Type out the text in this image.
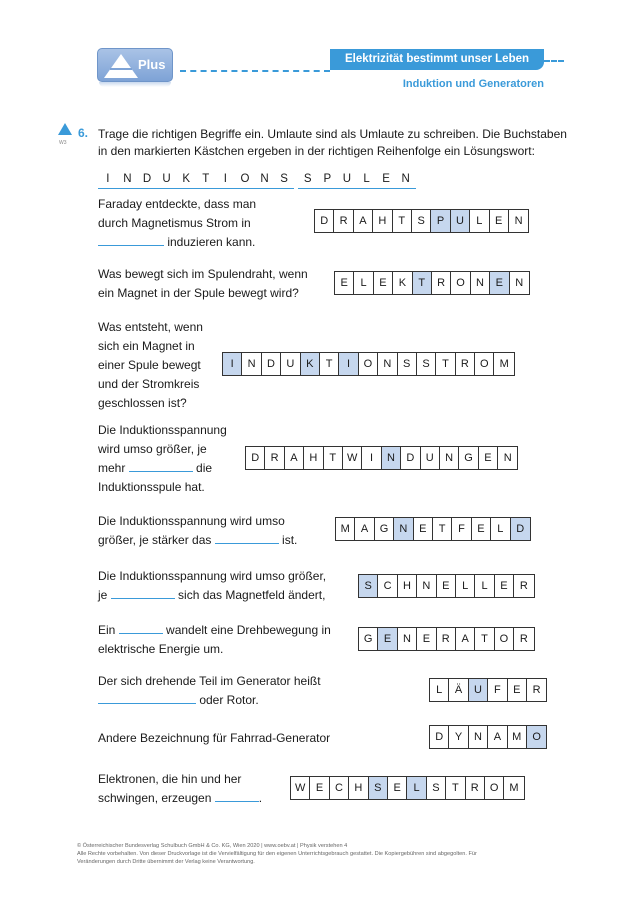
Plus	Elektrizität bestimmt unser Leben
Induktion und Generatoren
W3
6. Trage die richtigen Begriffe ein. Umlaute sind als Umlaute zu schreiben. Die Buchstaben in den markierten Kästchen ergeben in der richtigen Reihenfolge ein Lösungswort:
I	N D U	K	T	I	O N	S	S	P	U	L	E	N
Faraday entdeckte, dass man
durch Magnetismus Strom in
induzieren kann.
D	R	A	H	T	S	P	U	L	E	N
Was bewegt sich im Spulendraht, wenn
ein Magnet in der Spule bewegt wird?
E	L	E	K	T	R	O	N	E	N
Was entsteht, wenn
sich ein Magnet in
einer Spule bewegt
und der Stromkreis
geschlossen ist?
I	N	D	U	K	T	I	O	N	S	S	T	R	O	M
Die Induktionsspannung
wird umso größer, je
mehr	die
Induktionsspule hat.
D	R	A	H	T W	I	N	D	U	N	G	E	N
Die Induktionsspannung wird umso
größer, je stärker das	ist.
M	A	G	N	E	T	F	E	L	D
Die Induktionsspannung wird umso größer,
je	sich das Magnetfeld ändert,
S	C	H	N	E	L	L	E	R
Ein	wandelt eine Drehbewegung in
elektrische Energie um.
G	E	N	E	R	A	T	O	R
Der sich drehende Teil im Generator heißt
oder Rotor.
L	Ä	U	F	E	R
Andere Bezeichnung für Fahrrad-Generator	D	Y	N	A	M	O
Elektronen, die hin und her
schwingen, erzeugen	.
W E	C	H	S	E	L	S	T	R	O	M
© Österreichischer Bundesverlag Schulbuch GmbH & Co. KG, Wien 2020 | www.oebv.at | Physik verstehen 4
Alle Rechte vorbehalten. Von dieser Druckvorlage ist die Vervielfältigung für den eigenen Unterrichtsgebrauch gestattet. Die Kopiergebühren sind abgegolten. Für
Veränderungen durch Dritte übernimmt der Verlag keine Verantwortung.
